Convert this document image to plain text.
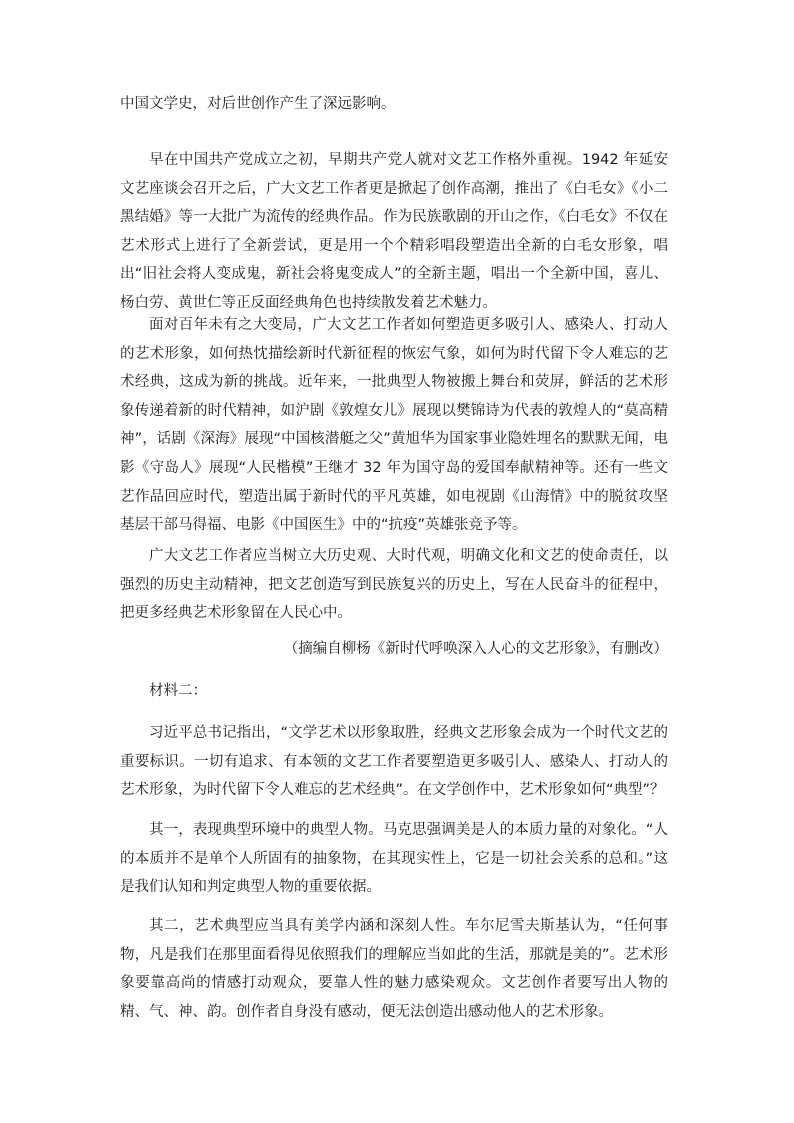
中国文学史，对后世创作产生了深远影响。

早在中国共产党成立之初，早期共产党人就对文艺工作格外重视。1942 年延安文艺座谈会召开之后，广大文艺工作者更是掀起了创作高潮，推出了《白毛女》《小二黑结婚》等一大批广为流传的经典作品。作为民族歌剧的开山之作，《白毛女》不仅在艺术形式上进行了全新尝试，更是用一个个精彩唱段塑造出全新的白毛女形象，唱出“旧社会将人变成鬼，新社会将鬼变成人”的全新主题，唱出一个全新中国，喜儿、杨白劳、黄世仁等正反面经典角色也持续散发着艺术魅力。

面对百年未有之大变局，广大文艺工作者如何塑造更多吸引人、感染人、打动人的艺术形象，如何热忱描绘新时代新征程的恢宏气象，如何为时代留下令人难忘的艺术经典，这成为新的挑战。近年来，一批典型人物被搬上舞台和荧屏，鲜活的艺术形象传递着新的时代精神，如沪剧《敦煌女儿》展现以樊锦诗为代表的敦煌人的“莫高精神”，话剧《深海》展现“中国核潜艇之父”黄旭华为国家事业隐姓埋名的默默无闻，电影《守岛人》展现“人民楷模”王继才 32 年为国守岛的爱国奉献精神等。还有一些文艺作品回应时代，塑造出属于新时代的平凡英雄，如电视剧《山海情》中的脱贫攻坚基层干部马得福、电影《中国医生》中的“抗疫”英雄张竞予等。

广大文艺工作者应当树立大历史观、大时代观，明确文化和文艺的使命责任，以强烈的历史主动精神，把文艺创造写到民族复兴的历史上，写在人民奋斗的征程中，把更多经典艺术形象留在人民心中。

（摘编自柳杨《新时代呼唤深入人心的文艺形象》，有删改）

材料二：

习近平总书记指出，“文学艺术以形象取胜，经典文艺形象会成为一个时代文艺的重要标识。一切有追求、有本领的文艺工作者要塑造更多吸引人、感染人、打动人的艺术形象，为时代留下令人难忘的艺术经典”。在文学创作中，艺术形象如何“典型”？

其一，表现典型环境中的典型人物。马克思强调美是人的本质力量的对象化。“人的本质并不是单个人所固有的抽象物，在其现实性上，它是一切社会关系的总和。”这是我们认知和判定典型人物的重要依据。

其二，艺术典型应当具有美学内涵和深刻人性。车尔尼雪夫斯基认为，“任何事物，凡是我们在那里面看得见依照我们的理解应当如此的生活，那就是美的”。艺术形象要靠高尚的情感打动观众，要靠人性的魅力感染观众。文艺创作者要写出人物的精、气、神、韵。创作者自身没有感动，便无法创造出感动他人的艺术形象。
